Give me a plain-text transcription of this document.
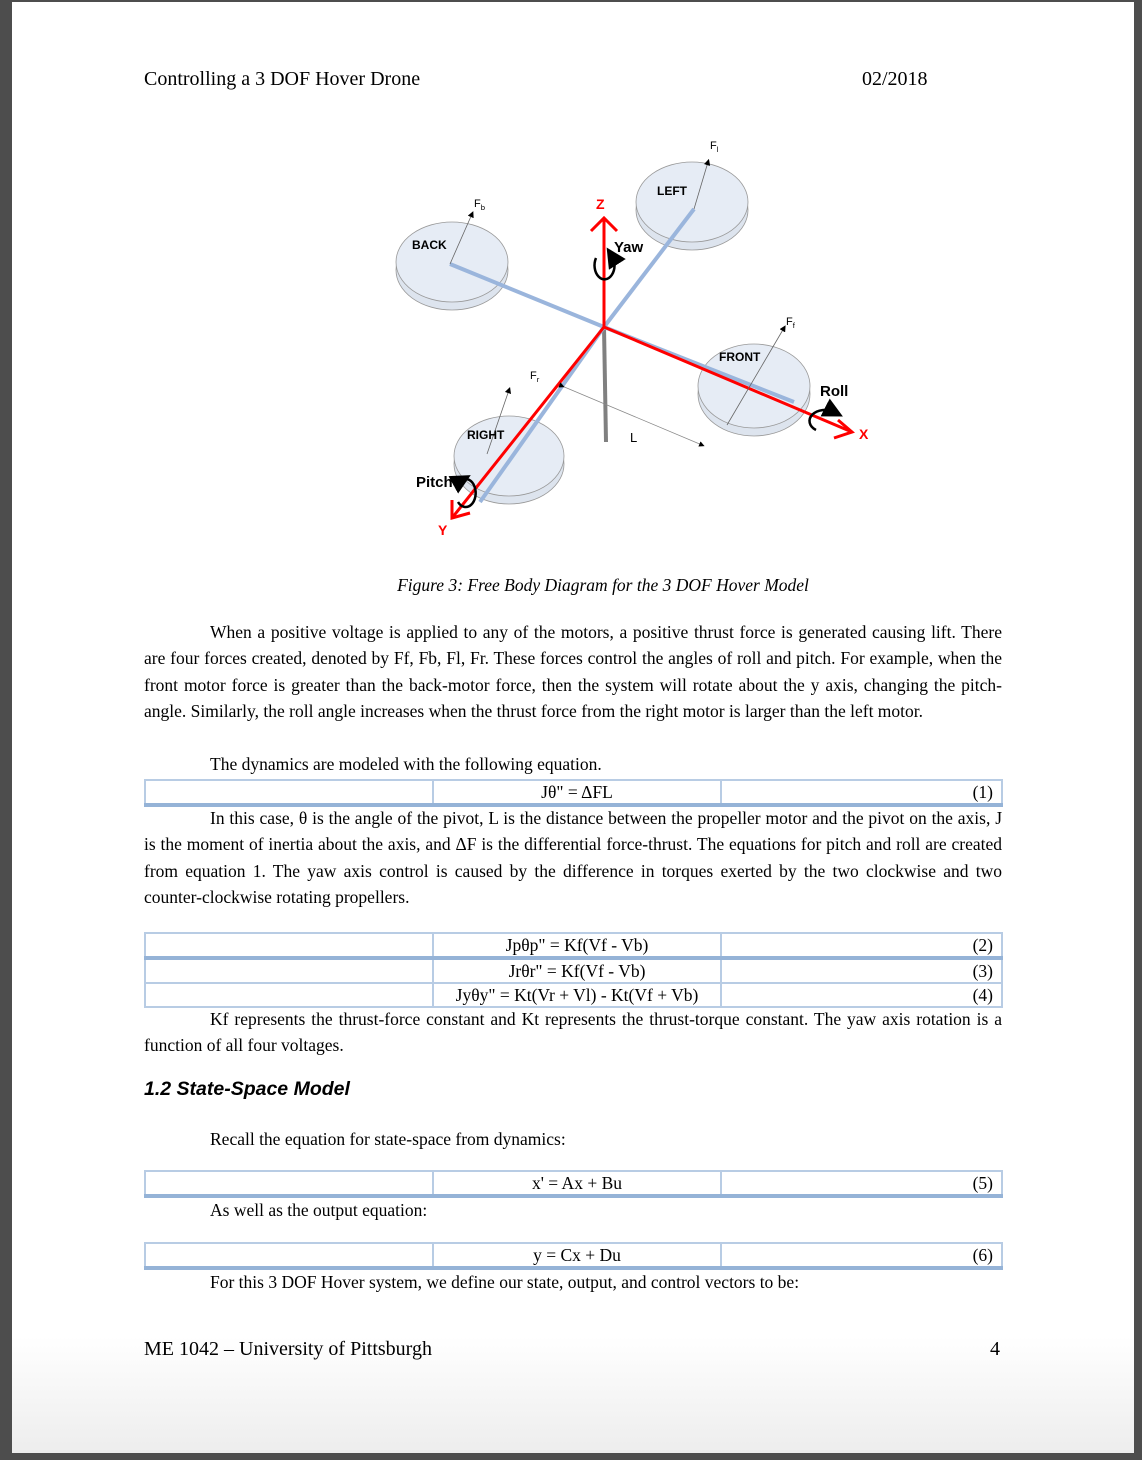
Controlling a 3 DOF Hover Drone	02/2018
BACK
LEFT
FRONT
RIGHT
Z
X
Y
Yaw
Roll
Pitch
L
$F_b$
$F_l$
$F_f$
$F_r$
Figure 3: Free Body Diagram for the 3 DOF Hover Model
When a positive voltage is applied to any of the motors, a positive thrust force is generated causing lift. There are four forces created, denoted by Ff, Fb, Fl, Fr. These forces control the angles of roll and pitch. For example, when the front motor force is greater than the back-motor force, then the system will rotate about the y axis, changing the pitch-angle. Similarly, the roll angle increases when the thrust force from the right motor is larger than the left motor.
The dynamics are modeled with the following equation.
	Jθ" = ΔFL	(1)
In this case, θ is the angle of the pivot, L is the distance between the propeller motor and the pivot on the axis, J is the moment of inertia about the axis, and ΔF is the differential force-thrust. The equations for pitch and roll are created from equation 1. The yaw axis control is caused by the difference in torques exerted by the two clockwise and two counter-clockwise rotating propellers.
	Jpθp" = Kf(Vf - Vb)	(2)
	Jrθr" = Kf(Vf - Vb)	(3)
	Jyθy" = Kt(Vr + Vl) - Kt(Vf + Vb)	(4)
Kf represents the thrust-force constant and Kt represents the thrust-torque constant. The yaw axis rotation is a function of all four voltages.
1.2 State-Space Model
Recall the equation for state-space from dynamics:
	x' = Ax + Bu	(5)
As well as the output equation:
	y = Cx + Du	(6)
For this 3 DOF Hover system, we define our state, output, and control vectors to be:
ME 1042 – University of Pittsburgh	4
